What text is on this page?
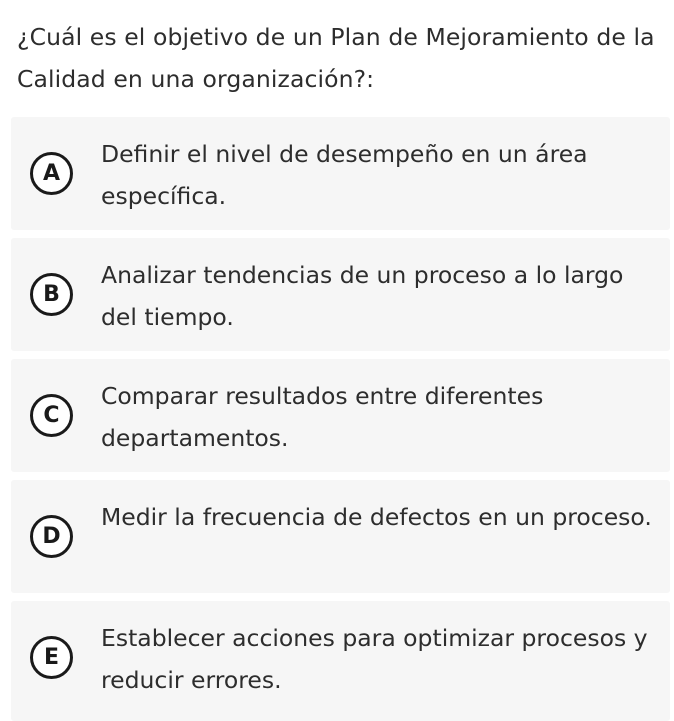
¿Cuál es el objetivo de un Plan de Mejoramiento de la Calidad en una organización?:
A
Definir el nivel de desempeño en un área específica.
B
Analizar tendencias de un proceso a lo largo del tiempo.
C
Comparar resultados entre diferentes departamentos.
D
Medir la frecuencia de defectos en un proceso.
E
Establecer acciones para optimizar procesos y reducir errores.
